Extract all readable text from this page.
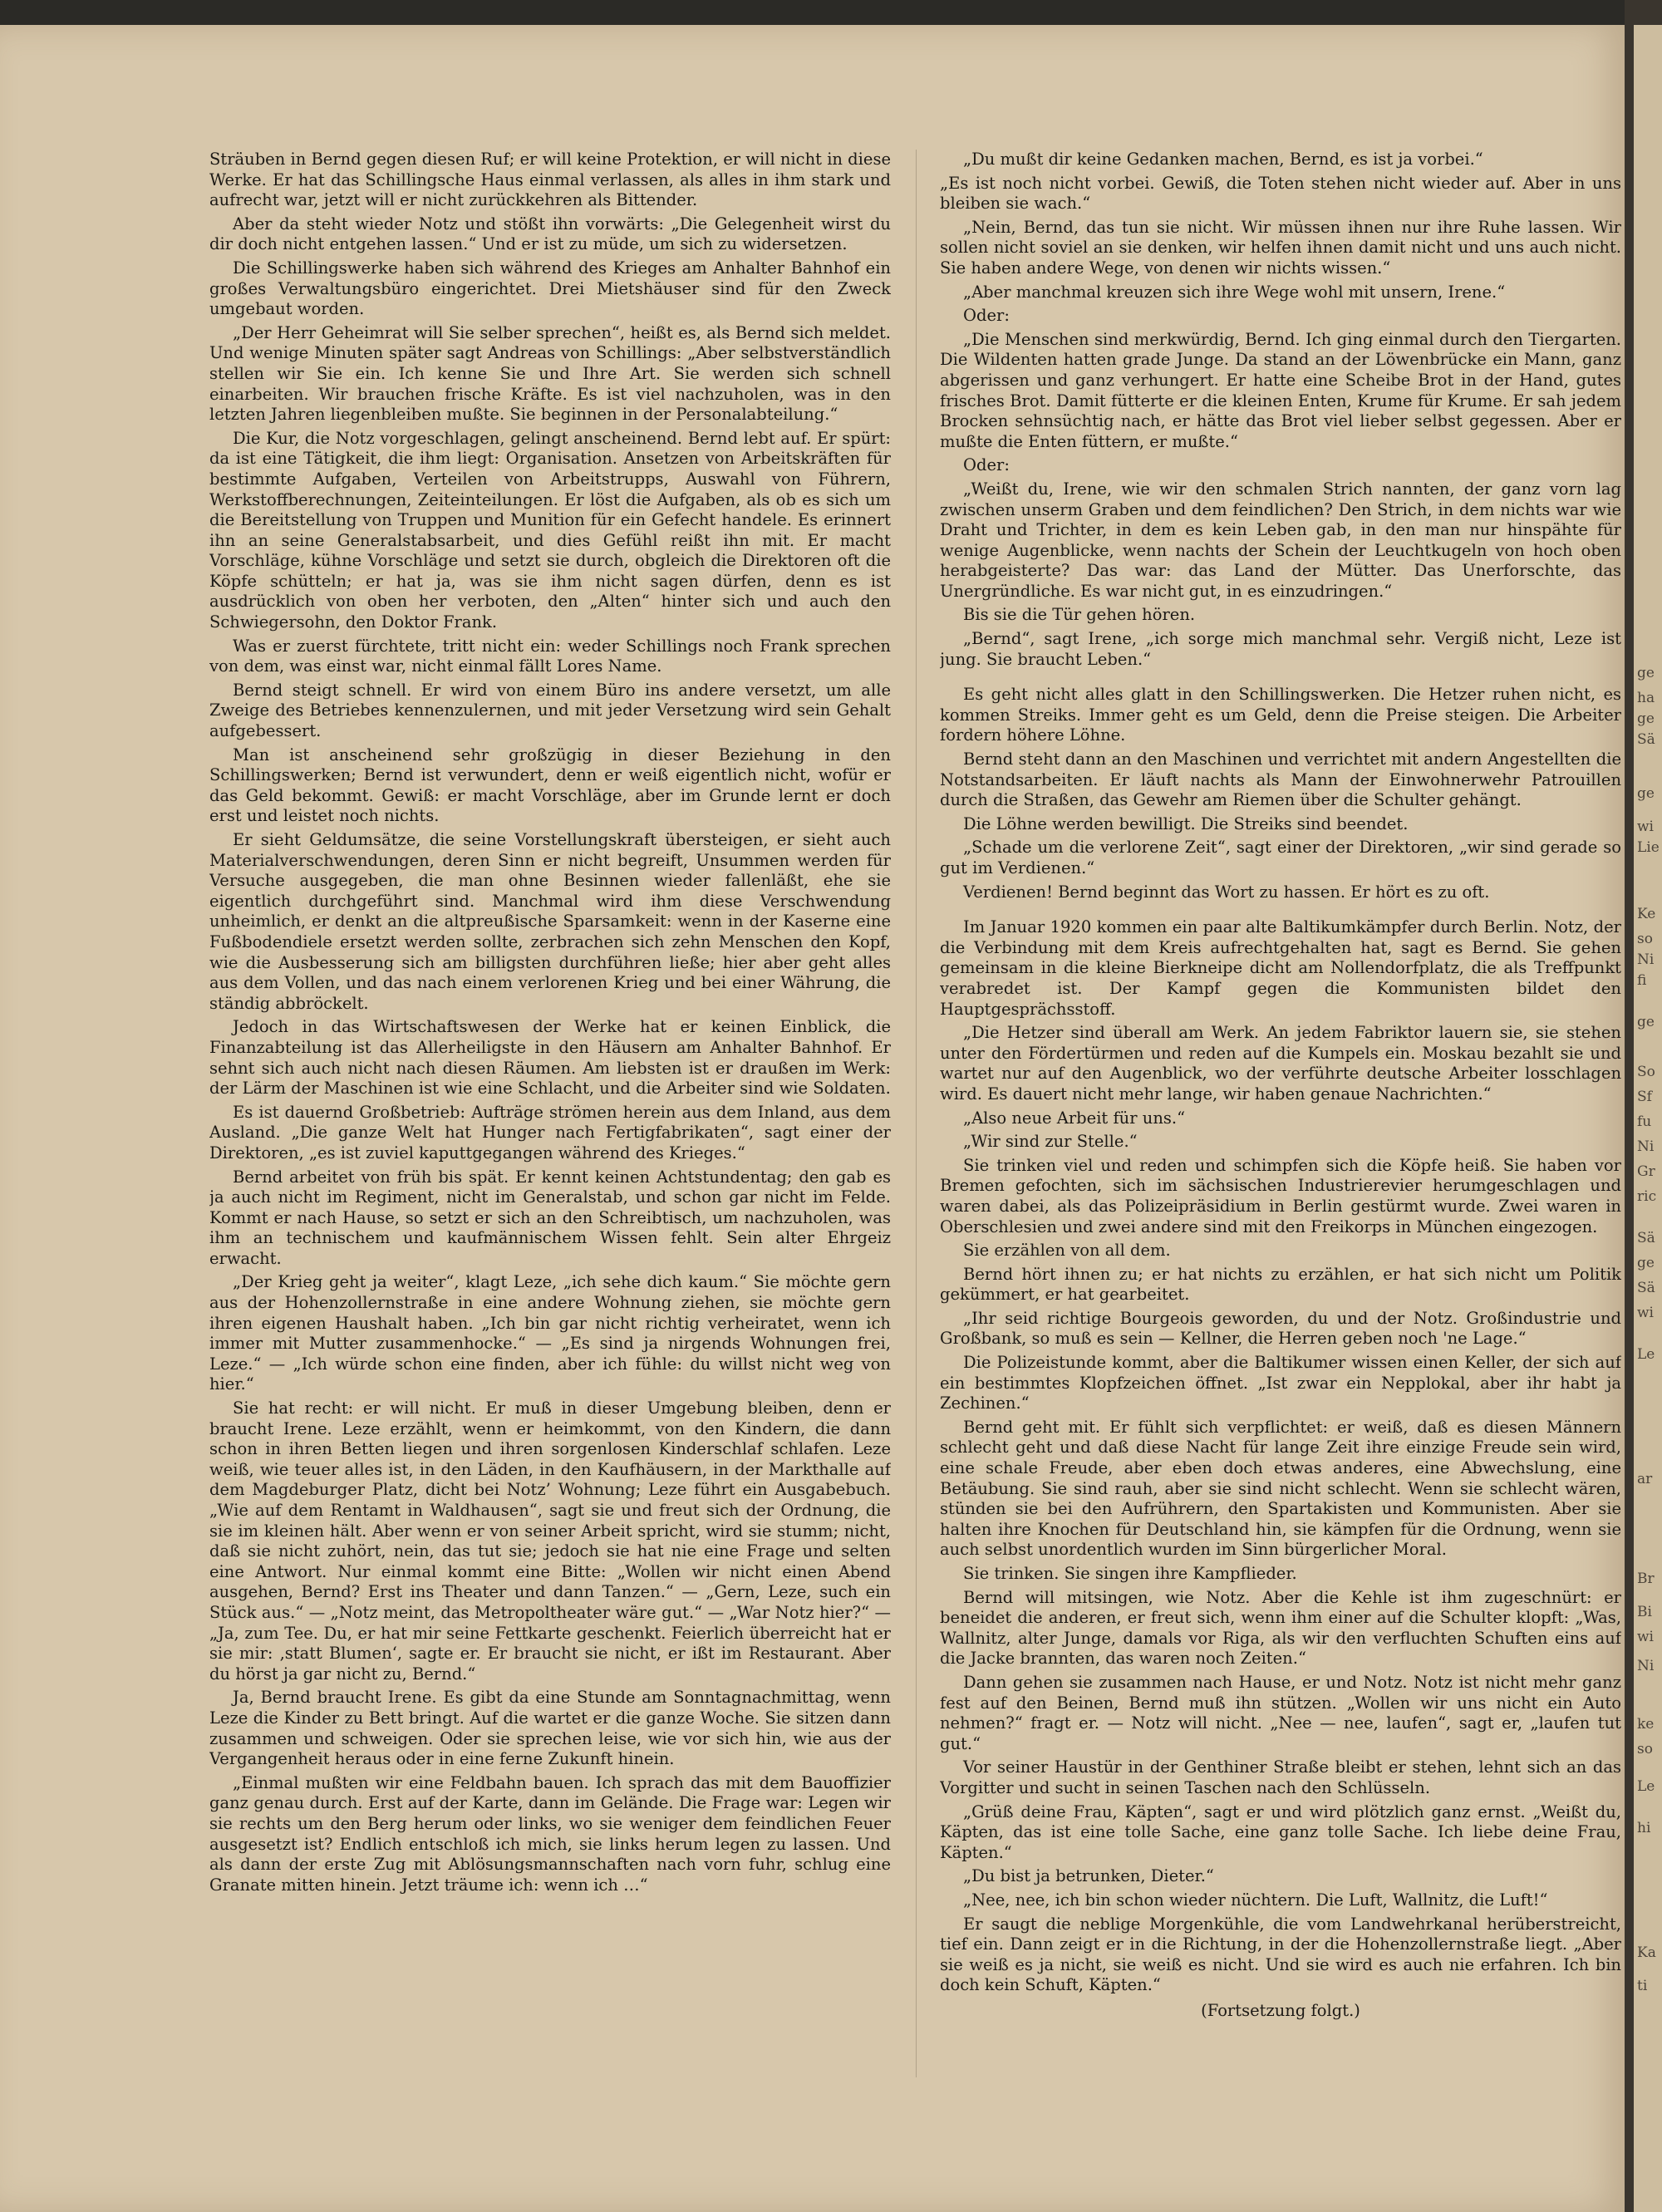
Sträuben in Bernd gegen diesen Ruf; er will keine Protektion, er will nicht in diese Werke. Er hat das Schillingsche Haus einmal verlassen, als alles in ihm stark und aufrecht war, jetzt will er nicht zurückkehren als Bittender.

Aber da steht wieder Notz und stößt ihn vorwärts: „Die Gelegenheit wirst du dir doch nicht entgehen lassen.“ Und er ist zu müde, um sich zu widersetzen.

Die Schillingswerke haben sich während des Krieges am Anhalter Bahnhof ein großes Verwaltungsbüro eingerichtet. Drei Mietshäuser sind für den Zweck umgebaut worden.

„Der Herr Geheimrat will Sie selber sprechen“, heißt es, als Bernd sich meldet. Und wenige Minuten später sagt Andreas von Schillings: „Aber selbstverständlich stellen wir Sie ein. Ich kenne Sie und Ihre Art. Sie werden sich schnell einarbeiten. Wir brauchen frische Kräfte. Es ist viel nachzuholen, was in den letzten Jahren liegenbleiben mußte. Sie beginnen in der Personalabteilung.“

Die Kur, die Notz vorgeschlagen, gelingt anscheinend. Bernd lebt auf. Er spürt: da ist eine Tätigkeit, die ihm liegt: Organisation. Ansetzen von Arbeitskräften für bestimmte Aufgaben, Verteilen von Arbeitstrupps, Auswahl von Führern, Werkstoffberechnungen, Zeiteinteilungen. Er löst die Aufgaben, als ob es sich um die Bereitstellung von Truppen und Munition für ein Gefecht handele. Es erinnert ihn an seine Generalstabsarbeit, und dies Gefühl reißt ihn mit. Er macht Vorschläge, kühne Vorschläge und setzt sie durch, obgleich die Direktoren oft die Köpfe schütteln; er hat ja, was sie ihm nicht sagen dürfen, denn es ist ausdrücklich von oben her verboten, den „Alten“ hinter sich und auch den Schwiegersohn, den Doktor Frank.

Was er zuerst fürchtete, tritt nicht ein: weder Schillings noch Frank sprechen von dem, was einst war, nicht einmal fällt Lores Name.

Bernd steigt schnell. Er wird von einem Büro ins andere versetzt, um alle Zweige des Betriebes kennenzulernen, und mit jeder Versetzung wird sein Gehalt aufgebessert.

Man ist anscheinend sehr großzügig in dieser Beziehung in den Schillingswerken; Bernd ist verwundert, denn er weiß eigentlich nicht, wofür er das Geld bekommt. Gewiß: er macht Vorschläge, aber im Grunde lernt er doch erst und leistet noch nichts.

Er sieht Geldumsätze, die seine Vorstellungskraft übersteigen, er sieht auch Materialverschwendungen, deren Sinn er nicht begreift, Unsummen werden für Versuche ausgegeben, die man ohne Besinnen wieder fallenläßt, ehe sie eigentlich durchgeführt sind. Manchmal wird ihm diese Verschwendung unheimlich, er denkt an die altpreußische Sparsamkeit: wenn in der Kaserne eine Fußbodendiele ersetzt werden sollte, zerbrachen sich zehn Menschen den Kopf, wie die Ausbesserung sich am billigsten durchführen ließe; hier aber geht alles aus dem Vollen, und das nach einem verlorenen Krieg und bei einer Währung, die ständig abbröckelt.

Jedoch in das Wirtschaftswesen der Werke hat er keinen Einblick, die Finanzabteilung ist das Allerheiligste in den Häusern am Anhalter Bahnhof. Er sehnt sich auch nicht nach diesen Räumen. Am liebsten ist er draußen im Werk: der Lärm der Maschinen ist wie eine Schlacht, und die Arbeiter sind wie Soldaten.

Es ist dauernd Großbetrieb: Aufträge strömen herein aus dem Inland, aus dem Ausland. „Die ganze Welt hat Hunger nach Fertigfabrikaten“, sagt einer der Direktoren, „es ist zuviel kaputtgegangen während des Krieges.“

Bernd arbeitet von früh bis spät. Er kennt keinen Achtstundentag; den gab es ja auch nicht im Regiment, nicht im Generalstab, und schon gar nicht im Felde. Kommt er nach Hause, so setzt er sich an den Schreibtisch, um nachzuholen, was ihm an technischem und kaufmännischem Wissen fehlt. Sein alter Ehrgeiz erwacht.

„Der Krieg geht ja weiter“, klagt Leze, „ich sehe dich kaum.“ Sie möchte gern aus der Hohenzollernstraße in eine andere Wohnung ziehen, sie möchte gern ihren eigenen Haushalt haben. „Ich bin gar nicht richtig verheiratet, wenn ich immer mit Mutter zusammenhocke.“ — „Es sind ja nirgends Wohnungen frei, Leze.“ — „Ich würde schon eine finden, aber ich fühle: du willst nicht weg von hier.“

Sie hat recht: er will nicht. Er muß in dieser Umgebung bleiben, denn er braucht Irene. Leze erzählt, wenn er heimkommt, von den Kindern, die dann schon in ihren Betten liegen und ihren sorgenlosen Kinderschlaf schlafen. Leze weiß, wie teuer alles ist, in den Läden, in den Kaufhäusern, in der Markthalle auf dem Magdeburger Platz, dicht bei Notz’ Wohnung; Leze führt ein Ausgabebuch. „Wie auf dem Rentamt in Waldhausen“, sagt sie und freut sich der Ordnung, die sie im kleinen hält. Aber wenn er von seiner Arbeit spricht, wird sie stumm; nicht, daß sie nicht zuhört, nein, das tut sie; jedoch sie hat nie eine Frage und selten eine Antwort. Nur einmal kommt eine Bitte: „Wollen wir nicht einen Abend ausgehen, Bernd? Erst ins Theater und dann Tanzen.“ — „Gern, Leze, such ein Stück aus.“ — „Notz meint, das Metropoltheater wäre gut.“ — „War Notz hier?“ — „Ja, zum Tee. Du, er hat mir seine Fettkarte geschenkt. Feierlich überreicht hat er sie mir: ‚statt Blumen‘, sagte er. Er braucht sie nicht, er ißt im Restaurant. Aber du hörst ja gar nicht zu, Bernd.“

Ja, Bernd braucht Irene. Es gibt da eine Stunde am Sonntagnachmittag, wenn Leze die Kinder zu Bett bringt. Auf die wartet er die ganze Woche. Sie sitzen dann zusammen und schweigen. Oder sie sprechen leise, wie vor sich hin, wie aus der Vergangenheit heraus oder in eine ferne Zukunft hinein.

„Einmal mußten wir eine Feldbahn bauen. Ich sprach das mit dem Bauoffizier ganz genau durch. Erst auf der Karte, dann im Gelände. Die Frage war: Legen wir sie rechts um den Berg herum oder links, wo sie weniger dem feindlichen Feuer ausgesetzt ist? Endlich entschloß ich mich, sie links herum legen zu lassen. Und als dann der erste Zug mit Ablösungsmannschaften nach vorn fuhr, schlug eine Granate mitten hinein. Jetzt träume ich: wenn ich …“

„Du mußt dir keine Gedanken machen, Bernd, es ist ja vorbei.“

„Es ist noch nicht vorbei. Gewiß, die Toten stehen nicht wieder auf. Aber in uns bleiben sie wach.“

„Nein, Bernd, das tun sie nicht. Wir müssen ihnen nur ihre Ruhe lassen. Wir sollen nicht soviel an sie denken, wir helfen ihnen damit nicht und uns auch nicht. Sie haben andere Wege, von denen wir nichts wissen.“

„Aber manchmal kreuzen sich ihre Wege wohl mit unsern, Irene.“

Oder:

„Die Menschen sind merkwürdig, Bernd. Ich ging einmal durch den Tiergarten. Die Wildenten hatten grade Junge. Da stand an der Löwenbrücke ein Mann, ganz abgerissen und ganz verhungert. Er hatte eine Scheibe Brot in der Hand, gutes frisches Brot. Damit fütterte er die kleinen Enten, Krume für Krume. Er sah jedem Brocken sehnsüchtig nach, er hätte das Brot viel lieber selbst gegessen. Aber er mußte die Enten füttern, er mußte.“

Oder:

„Weißt du, Irene, wie wir den schmalen Strich nannten, der ganz vorn lag zwischen unserm Graben und dem feindlichen? Den Strich, in dem nichts war wie Draht und Trichter, in dem es kein Leben gab, in den man nur hinspähte für wenige Augenblicke, wenn nachts der Schein der Leuchtkugeln von hoch oben herabgeisterte? Das war: das Land der Mütter. Das Unerforschte, das Unergründliche. Es war nicht gut, in es einzudringen.“

Bis sie die Tür gehen hören.

„Bernd“, sagt Irene, „ich sorge mich manchmal sehr. Vergiß nicht, Leze ist jung. Sie braucht Leben.“

Es geht nicht alles glatt in den Schillingswerken. Die Hetzer ruhen nicht, es kommen Streiks. Immer geht es um Geld, denn die Preise steigen. Die Arbeiter fordern höhere Löhne.

Bernd steht dann an den Maschinen und verrichtet mit andern Angestellten die Notstandsarbeiten. Er läuft nachts als Mann der Einwohnerwehr Patrouillen durch die Straßen, das Gewehr am Riemen über die Schulter gehängt.

Die Löhne werden bewilligt. Die Streiks sind beendet.

„Schade um die verlorene Zeit“, sagt einer der Direktoren, „wir sind gerade so gut im Verdienen.“

Verdienen! Bernd beginnt das Wort zu hassen. Er hört es zu oft.

Im Januar 1920 kommen ein paar alte Baltikumkämpfer durch Berlin. Notz, der die Verbindung mit dem Kreis aufrechtgehalten hat, sagt es Bernd. Sie gehen gemeinsam in die kleine Bierkneipe dicht am Nollendorfplatz, die als Treffpunkt verabredet ist. Der Kampf gegen die Kommunisten bildet den Hauptgesprächsstoff.

„Die Hetzer sind überall am Werk. An jedem Fabriktor lauern sie, sie stehen unter den Fördertürmen und reden auf die Kumpels ein. Moskau bezahlt sie und wartet nur auf den Augenblick, wo der verführte deutsche Arbeiter losschlagen wird. Es dauert nicht mehr lange, wir haben genaue Nachrichten.“

„Also neue Arbeit für uns.“

„Wir sind zur Stelle.“

Sie trinken viel und reden und schimpfen sich die Köpfe heiß. Sie haben vor Bremen gefochten, sich im sächsischen Industrierevier herumgeschlagen und waren dabei, als das Polizeipräsidium in Berlin gestürmt wurde. Zwei waren in Oberschlesien und zwei andere sind mit den Freikorps in München eingezogen.

Sie erzählen von all dem.

Bernd hört ihnen zu; er hat nichts zu erzählen, er hat sich nicht um Politik gekümmert, er hat gearbeitet.

„Ihr seid richtige Bourgeois geworden, du und der Notz. Großindustrie und Großbank, so muß es sein — Kellner, die Herren geben noch 'ne Lage.“

Die Polizeistunde kommt, aber die Baltikumer wissen einen Keller, der sich auf ein bestimmtes Klopfzeichen öffnet. „Ist zwar ein Nepplokal, aber ihr habt ja Zechinen.“

Bernd geht mit. Er fühlt sich verpflichtet: er weiß, daß es diesen Männern schlecht geht und daß diese Nacht für lange Zeit ihre einzige Freude sein wird, eine schale Freude, aber eben doch etwas anderes, eine Abwechslung, eine Betäubung. Sie sind rauh, aber sie sind nicht schlecht. Wenn sie schlecht wären, stünden sie bei den Aufrührern, den Spartakisten und Kommunisten. Aber sie halten ihre Knochen für Deutschland hin, sie kämpfen für die Ordnung, wenn sie auch selbst unordentlich wurden im Sinn bürgerlicher Moral.

Sie trinken. Sie singen ihre Kampflieder.

Bernd will mitsingen, wie Notz. Aber die Kehle ist ihm zugeschnürt: er beneidet die anderen, er freut sich, wenn ihm einer auf die Schulter klopft: „Was, Wallnitz, alter Junge, damals vor Riga, als wir den verfluchten Schuften eins auf die Jacke brannten, das waren noch Zeiten.“

Dann gehen sie zusammen nach Hause, er und Notz. Notz ist nicht mehr ganz fest auf den Beinen, Bernd muß ihn stützen. „Wollen wir uns nicht ein Auto nehmen?“ fragt er. — Notz will nicht. „Nee — nee, laufen“, sagt er, „laufen tut gut.“

Vor seiner Haustür in der Genthiner Straße bleibt er stehen, lehnt sich an das Vorgitter und sucht in seinen Taschen nach den Schlüsseln.

„Grüß deine Frau, Käpten“, sagt er und wird plötzlich ganz ernst. „Weißt du, Käpten, das ist eine tolle Sache, eine ganz tolle Sache. Ich liebe deine Frau, Käpten.“

„Du bist ja betrunken, Dieter.“

„Nee, nee, ich bin schon wieder nüchtern. Die Luft, Wallnitz, die Luft!“

Er saugt die neblige Morgenkühle, die vom Landwehrkanal herüberstreicht, tief ein. Dann zeigt er in die Richtung, in der die Hohenzollernstraße liegt. „Aber sie weiß es ja nicht, sie weiß es nicht. Und sie wird es auch nie erfahren. Ich bin doch kein Schuft, Käpten.“

(Fortsetzung folgt.)

ge
ha
ge
Sä
ge
wi
Lie
Ke
so
Ni
fi
ge
So
Sf
fu
Ni
Gr
ric
Sä
ge
Sä
wi
Le
ar
Br
Bi
wi
Ni
ke
so
Le
hi
Ka
ti
